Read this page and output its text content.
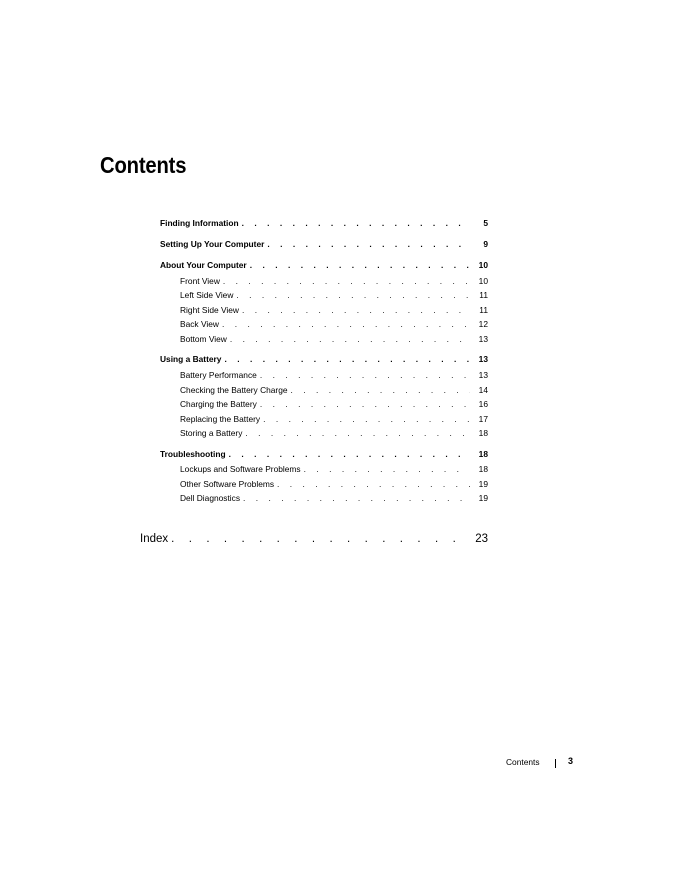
Contents
Finding Information . . .	5
Setting Up Your Computer . . .	9
About Your Computer . . .	10
Front View . . .	10
Left Side View . . .	11
Right Side View . . .	11
Back View . . .	12
Bottom View . . .	13
Using a Battery . . .	13
Battery Performance . . .	13
Checking the Battery Charge . . .	14
Charging the Battery . . .	16
Replacing the Battery . . .	17
Storing a Battery . . .	18
Troubleshooting . . .	18
Lockups and Software Problems . . .	18
Other Software Problems . . .	19
Dell Diagnostics . . .	19
Index . . .	23
Contents	3
